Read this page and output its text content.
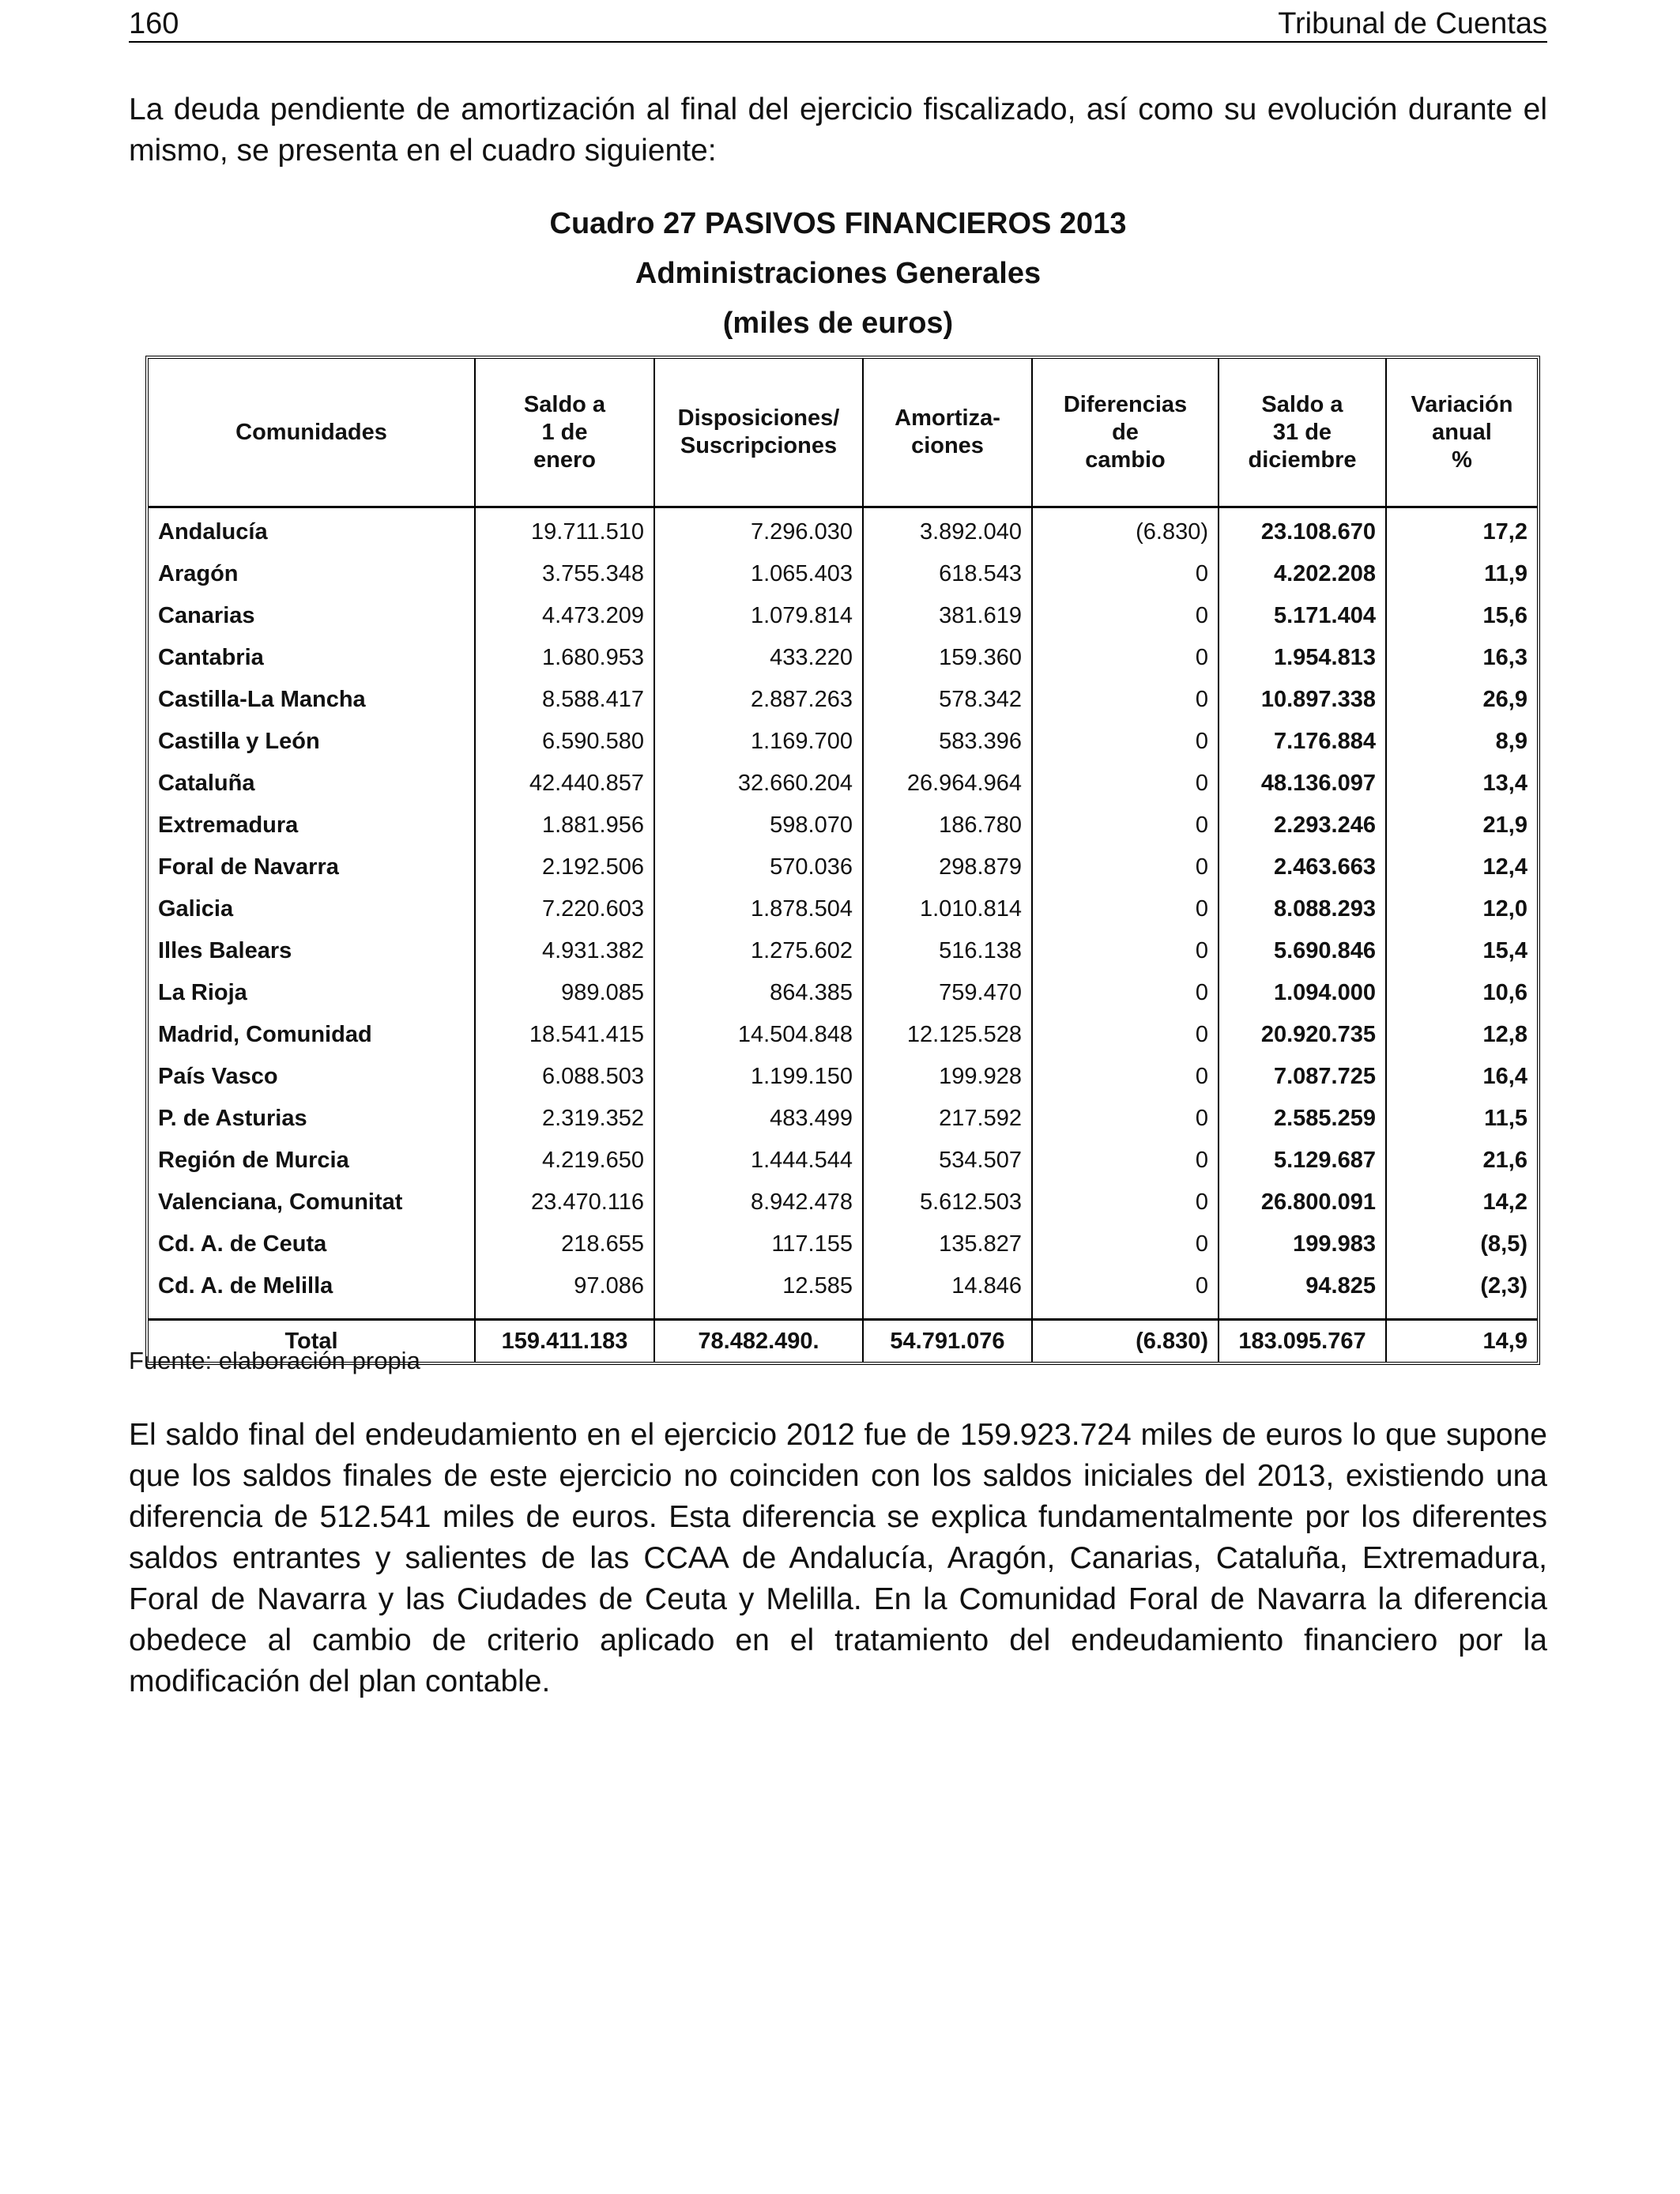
160	Tribunal de Cuentas

La deuda pendiente de amortización al final del ejercicio fiscalizado, así como su evolución durante el mismo, se presenta en el cuadro siguiente:

Cuadro 27 PASIVOS FINANCIEROS 2013
Administraciones Generales
(miles de euros)
Comunidades	Saldo a
1 de
enero	Disposiciones/
Suscripciones	Amortiza-
ciones	Diferencias
de
cambio	Saldo a
31 de
diciembre	Variación
anual
%
Andalucía	19.711.510	7.296.030	3.892.040	(6.830)	23.108.670	17,2
Aragón	3.755.348	1.065.403	618.543	0	4.202.208	11,9
Canarias	4.473.209	1.079.814	381.619	0	5.171.404	15,6
Cantabria	1.680.953	433.220	159.360	0	1.954.813	16,3
Castilla-La Mancha	8.588.417	2.887.263	578.342	0	10.897.338	26,9
Castilla y León	6.590.580	1.169.700	583.396	0	7.176.884	8,9
Cataluña	42.440.857	32.660.204	26.964.964	0	48.136.097	13,4
Extremadura	1.881.956	598.070	186.780	0	2.293.246	21,9
Foral de Navarra	2.192.506	570.036	298.879	0	2.463.663	12,4
Galicia	7.220.603	1.878.504	1.010.814	0	8.088.293	12,0
Illes Balears	4.931.382	1.275.602	516.138	0	5.690.846	15,4
La Rioja	989.085	864.385	759.470	0	1.094.000	10,6
Madrid, Comunidad	18.541.415	14.504.848	12.125.528	0	20.920.735	12,8
País Vasco	6.088.503	1.199.150	199.928	0	7.087.725	16,4
P. de Asturias	2.319.352	483.499	217.592	0	2.585.259	11,5
Región de Murcia	4.219.650	1.444.544	534.507	0	5.129.687	21,6
Valenciana, Comunitat	23.470.116	8.942.478	5.612.503	0	26.800.091	14,2
Cd. A. de Ceuta	218.655	117.155	135.827	0	199.983	(8,5)
Cd. A. de Melilla	97.086	12.585	14.846	0	94.825	(2,3)
Total	159.411.183	78.482.490.	54.791.076	(6.830)	183.095.767	14,9
Fuente: elaboración propia

El saldo final del endeudamiento en el ejercicio 2012 fue de 159.923.724 miles de euros lo que supone que los saldos finales de este ejercicio no coinciden con los saldos iniciales del 2013, existiendo una diferencia de 512.541 miles de euros. Esta diferencia se explica fundamentalmente por los diferentes saldos entrantes y salientes de las CCAA de Andalucía, Aragón, Canarias, Cataluña, Extremadura, Foral de Navarra y las Ciudades de Ceuta y Melilla. En la Comunidad Foral de Navarra la diferencia obedece al cambio de criterio aplicado en el tratamiento del endeudamiento financiero por la modificación del plan contable.
